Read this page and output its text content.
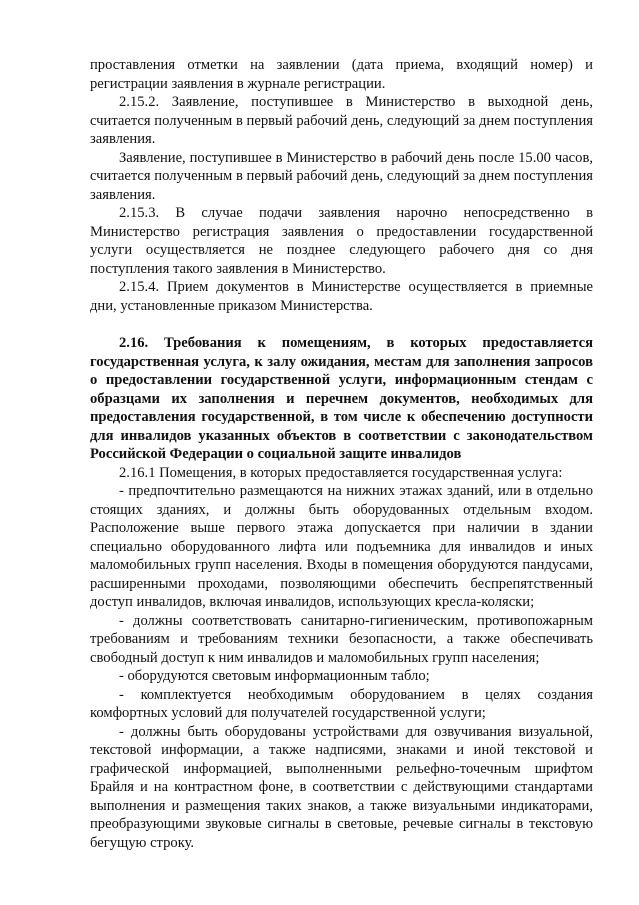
проставления отметки на заявлении (дата приема, входящий номер) и регистрации заявления в журнале регистрации.

2.15.2. Заявление, поступившее в Министерство в выходной день, считается полученным в первый рабочий день, следующий за днем поступления заявления.

Заявление, поступившее в Министерство в рабочий день после 15.00 часов, считается полученным в первый рабочий день, следующий за днем поступления заявления.

2.15.3. В случае подачи заявления нарочно непосредственно в Министерство регистрация заявления о предоставлении государственной услуги осуществляется не позднее следующего рабочего дня со дня поступления такого заявления в Министерство.

2.15.4. Прием документов в Министерстве осуществляется в приемные дни, установленные приказом Министерства.

2.16. Требования к помещениям, в которых предоставляется государственная услуга, к залу ожидания, местам для заполнения запросов о предоставлении государственной услуги, информационным стендам с образцами их заполнения и перечнем документов, необходимых для предоставления государственной, в том числе к обеспечению доступности для инвалидов указанных объектов в соответствии с законодательством Российской Федерации о социальной защите инвалидов

2.16.1 Помещения, в которых предоставляется государственная услуга:

- предпочтительно размещаются на нижних этажах зданий, или в отдельно стоящих зданиях, и должны быть оборудованных отдельным входом. Расположение выше первого этажа допускается при наличии в здании специально оборудованного лифта или подъемника для инвалидов и иных маломобильных групп населения. Входы в помещения оборудуются пандусами, расширенными проходами, позволяющими обеспечить беспрепятственный доступ инвалидов, включая инвалидов, использующих кресла-коляски;

- должны соответствовать санитарно-гигиеническим, противопожарным требованиям и требованиям техники безопасности, а также обеспечивать свободный доступ к ним инвалидов и маломобильных групп населения;

- оборудуются световым информационным табло;

- комплектуется необходимым оборудованием в целях создания комфортных условий для получателей государственной услуги;

- должны быть оборудованы устройствами для озвучивания визуальной, текстовой информации, а также надписями, знаками и иной текстовой и графической информацией, выполненными рельефно-точечным шрифтом Брайля и на контрастном фоне, в соответствии с действующими стандартами выполнения и размещения таких знаков, а также визуальными индикаторами, преобразующими звуковые сигналы в световые, речевые сигналы в текстовую бегущую строку.
